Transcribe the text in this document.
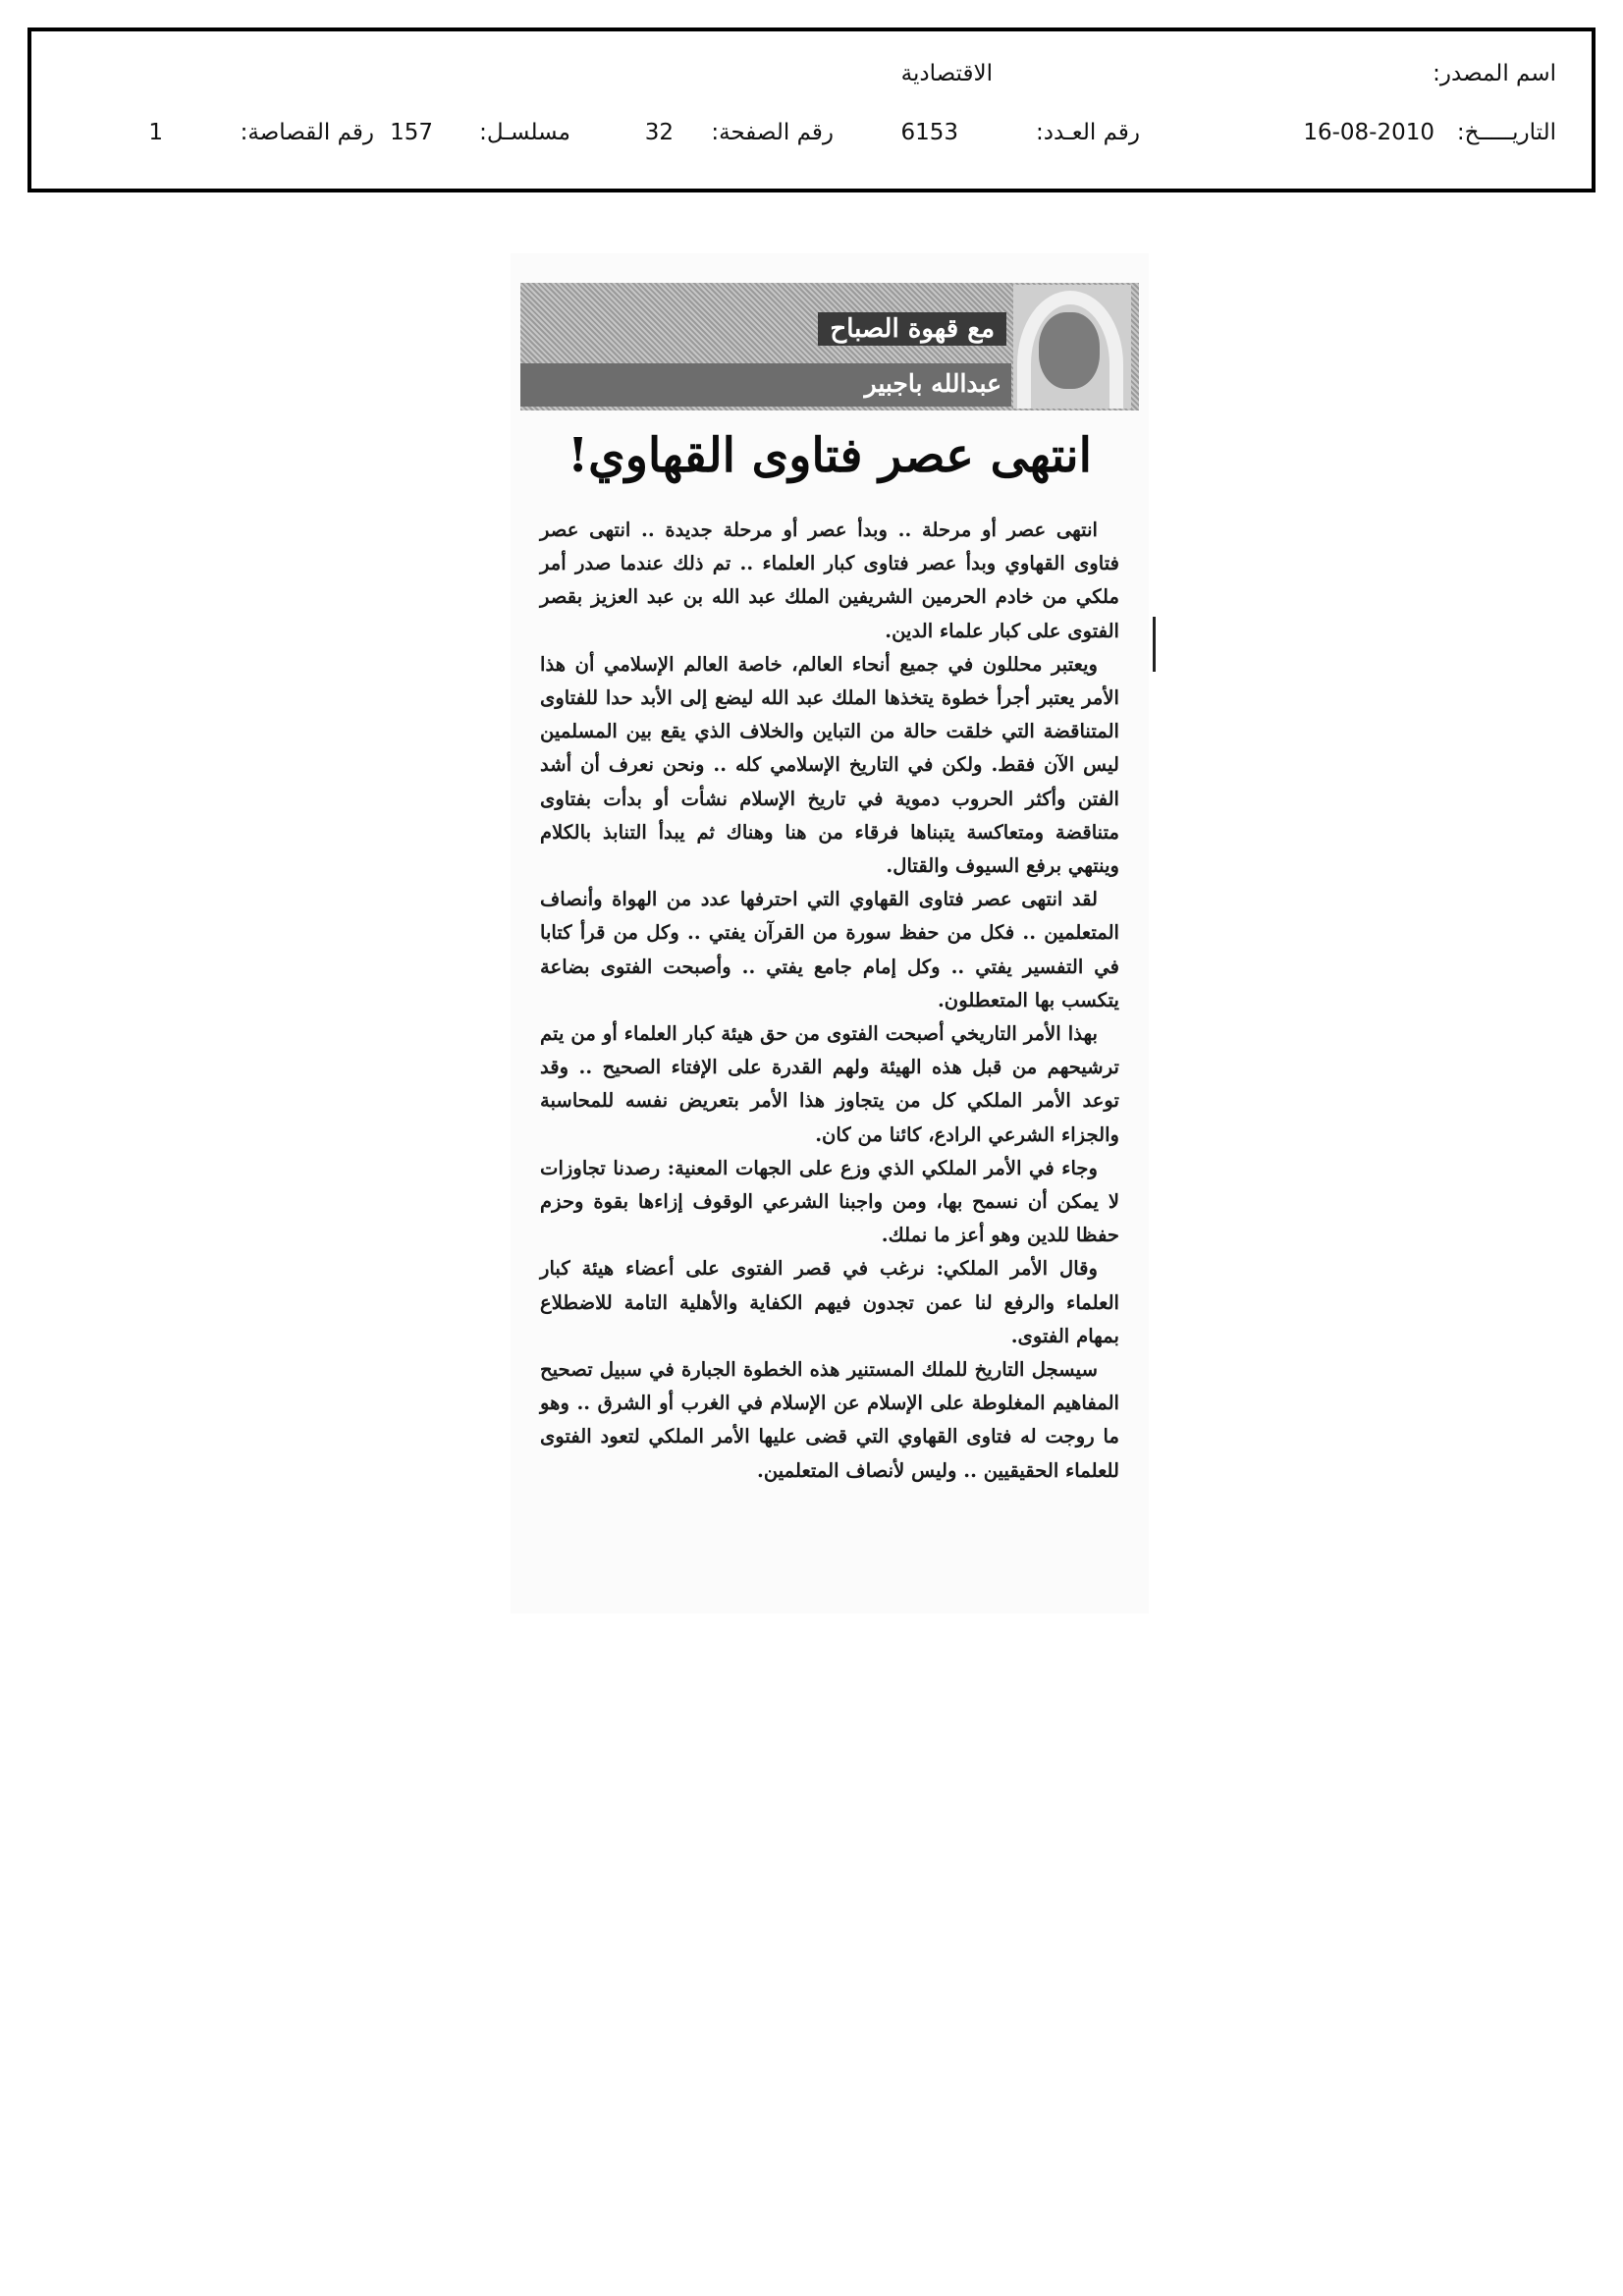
اسم المصدر:
الاقتصادية
التاريـــــخ:
16-08-2010
رقم العـدد:
6153
رقم الصفحة:
32
مسلسـل:
157
رقم القصاصة:
1
مع قهوة الصباح
عبدالله باجبير
انتهى عصر فتاوى القهاوي!

انتهى عصر أو مرحلة .. وبدأ عصر أو مرحلة جديدة .. انتهى عصر فتاوى القهاوي وبدأ عصر فتاوى كبار العلماء .. تم ذلك عندما صدر أمر ملكي من خادم الحرمين الشريفين الملك عبد الله بن عبد العزيز بقصر الفتوى على كبار علماء الدين.

ويعتبر محللون في جميع أنحاء العالم، خاصة العالم الإسلامي أن هذا الأمر يعتبر أجرأ خطوة يتخذها الملك عبد الله ليضع إلى الأبد حدا للفتاوى المتناقضة التي خلقت حالة من التباين والخلاف الذي يقع بين المسلمين ليس الآن فقط. ولكن في التاريخ الإسلامي كله .. ونحن نعرف أن أشد الفتن وأكثر الحروب دموية في تاريخ الإسلام نشأت أو بدأت بفتاوى متناقضة ومتعاكسة يتبناها فرقاء من هنا وهناك ثم يبدأ التنابذ بالكلام وينتهي برفع السيوف والقتال.

لقد انتهى عصر فتاوى القهاوي التي احترفها عدد من الهواة وأنصاف المتعلمين .. فكل من حفظ سورة من القرآن يفتي .. وكل من قرأ كتابا في التفسير يفتي .. وكل إمام جامع يفتي .. وأصبحت الفتوى بضاعة يتكسب بها المتعطلون.

بهذا الأمر التاريخي أصبحت الفتوى من حق هيئة كبار العلماء أو من يتم ترشيحهم من قبل هذه الهيئة ولهم القدرة على الإفتاء الصحيح .. وقد توعد الأمر الملكي كل من يتجاوز هذا الأمر بتعريض نفسه للمحاسبة والجزاء الشرعي الرادع، كائنا من كان.

وجاء في الأمر الملكي الذي وزع على الجهات المعنية: رصدنا تجاوزات لا يمكن أن نسمح بها، ومن واجبنا الشرعي الوقوف إزاءها بقوة وحزم حفظا للدين وهو أعز ما نملك.

وقال الأمر الملكي: نرغب في قصر الفتوى على أعضاء هيئة كبار العلماء والرفع لنا عمن تجدون فيهم الكفاية والأهلية التامة للاضطلاع بمهام الفتوى.

سيسجل التاريخ للملك المستنير هذه الخطوة الجبارة في سبيل تصحيح المفاهيم المغلوطة على الإسلام عن الإسلام في الغرب أو الشرق .. وهو ما روجت له فتاوى القهاوي التي قضى عليها الأمر الملكي لتعود الفتوى للعلماء الحقيقيين .. وليس لأنصاف المتعلمين.
